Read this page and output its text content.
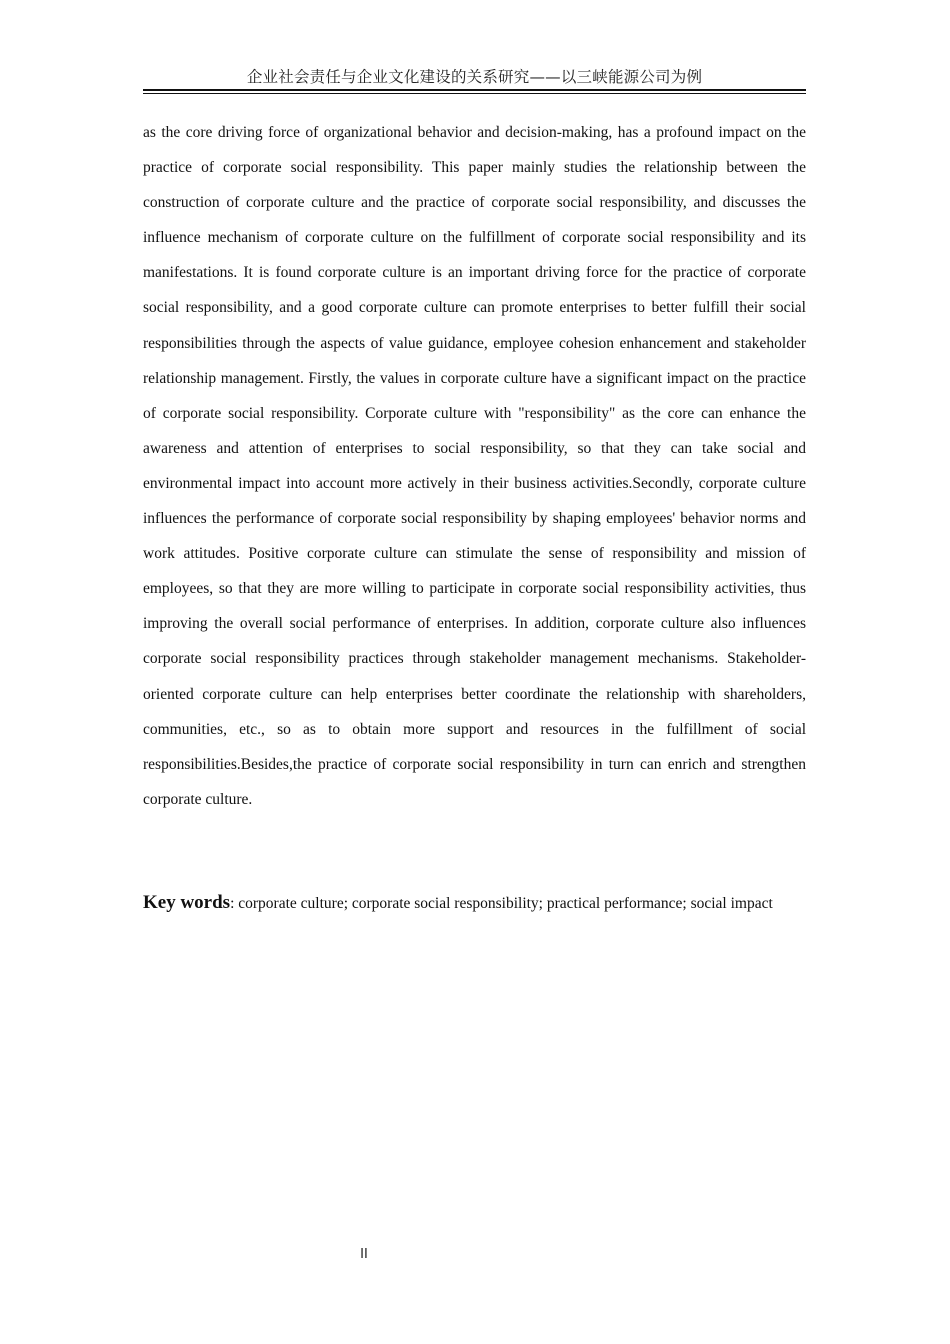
企业社会责任与企业文化建设的关系研究——以三峡能源公司为例

as the core driving force of organizational behavior and decision-making, has a profound impact on the practice of corporate social responsibility. This paper mainly studies the relationship between the construction of corporate culture and the practice of corporate social responsibility, and discusses the influence mechanism of corporate culture on the fulfillment of corporate social responsibility and its manifestations. It is found corporate culture is an important driving force for the practice of corporate social responsibility, and a good corporate culture can promote enterprises to better fulfill their social responsibilities through the aspects of value guidance, employee cohesion enhancement and stakeholder relationship management. Firstly, the values in corporate culture have a significant impact on the practice of corporate social responsibility. Corporate culture with "responsibility" as the core can enhance the awareness and attention of enterprises to social responsibility, so that they can take social and environmental impact into account more actively in their business activities.Secondly, corporate culture influences the performance of corporate social responsibility by shaping employees' behavior norms and work attitudes. Positive corporate culture can stimulate the sense of responsibility and mission of employees, so that they are more willing to participate in corporate social responsibility activities, thus improving the overall social performance of enterprises. In addition, corporate culture also influences corporate social responsibility practices through stakeholder management mechanisms. Stakeholder-oriented corporate culture can help enterprises better coordinate the relationship with shareholders, communities, etc., so as to obtain more support and resources in the fulfillment of social responsibilities.Besides,the practice of corporate social responsibility in turn can enrich and strengthen corporate culture.

Key words: corporate culture; corporate social responsibility; practical performance; social impact

II
